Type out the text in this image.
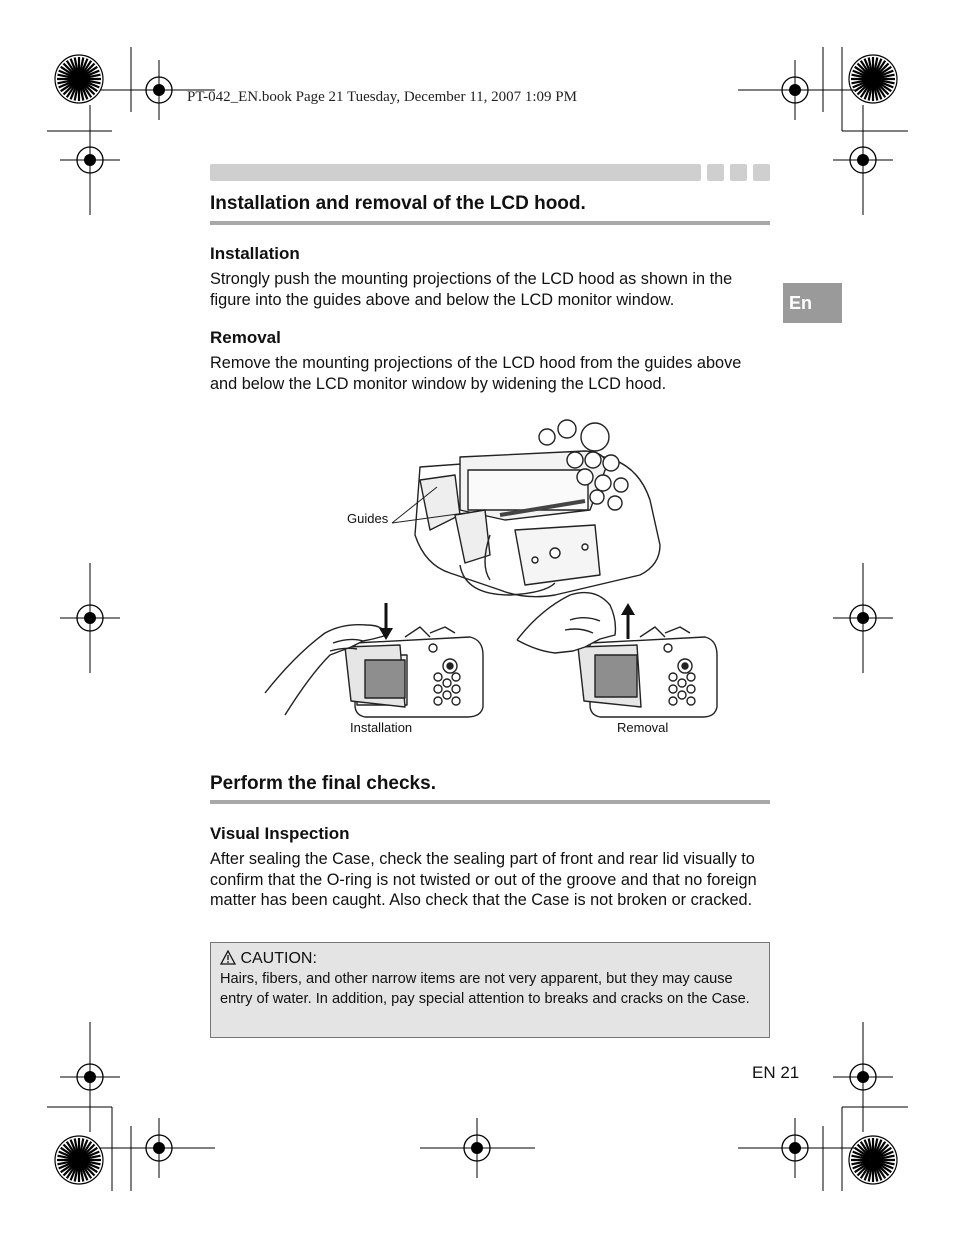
PT-042_EN.book Page 21 Tuesday, December 11, 2007 1:09 PM
En
Installation and removal of the LCD hood.
Installation
Strongly push the mounting projections of the LCD hood as shown in the figure into the guides above and below the LCD monitor window.
Removal
Remove the mounting projections of the LCD hood from the guides above and below the LCD monitor window by widening the LCD hood.
Guides
Installation	Removal
Perform the final checks.
Visual Inspection
After sealing the Case, check the sealing part of front and rear lid visually to confirm that the O-ring is not twisted or out of the groove and that no foreign matter has been caught. Also check that the Case is not broken or cracked.
CAUTION:
Hairs, fibers, and other narrow items are not very apparent, but they may cause entry of water. In addition, pay special attention to breaks and cracks on the Case.
EN 21
